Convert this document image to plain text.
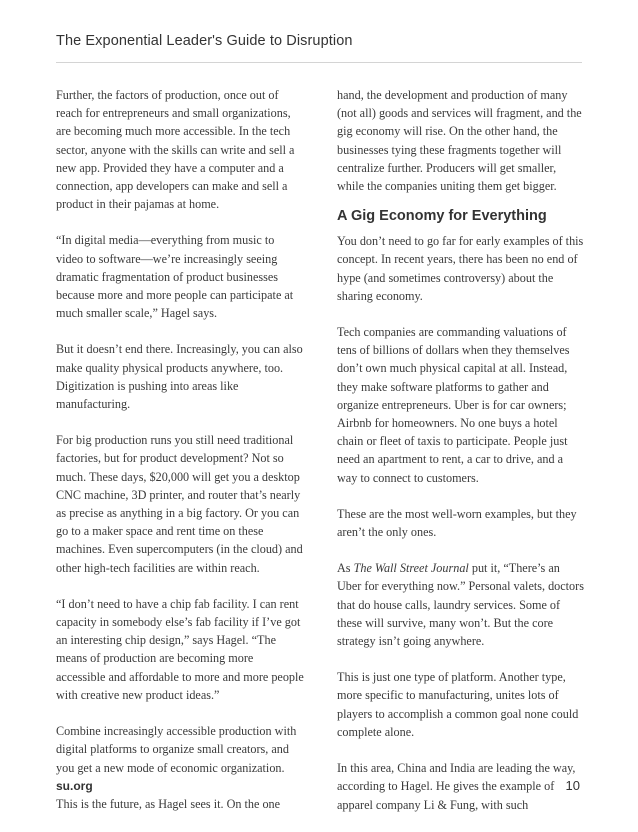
The Exponential Leader's Guide to Disruption

Further, the factors of production, once out of reach for entrepreneurs and small organizations, are becoming much more accessible. In the tech sector, anyone with the skills can write and sell a new app. Provided they have a computer and a connection, app developers can make and sell a product in their pajamas at home.

“In digital media—everything from music to video to software—we’re increasingly seeing dramatic fragmentation of product businesses because more and more people can participate at much smaller scale,” Hagel says.

But it doesn’t end there. Increasingly, you can also make quality physical products anywhere, too. Digitization is pushing into areas like manufacturing.

For big production runs you still need traditional factories, but for product development? Not so much. These days, $20,000 will get you a desktop CNC machine, 3D printer, and router that’s nearly as precise as anything in a big factory. Or you can go to a maker space and rent time on these machines. Even supercomputers (in the cloud) and other high-tech facilities are within reach.

“I don’t need to have a chip fab facility. I can rent capacity in somebody else’s fab facility if I’ve got an interesting chip design,” says Hagel. “The means of production are becoming more accessible and affordable to more and more people with creative new product ideas.”

Combine increasingly accessible production with digital platforms to organize small creators, and you get a new mode of economic organization.

This is the future, as Hagel sees it. On the one

hand, the development and production of many (not all) goods and services will fragment, and the gig economy will rise. On the other hand, the businesses tying these fragments together will centralize further. Producers will get smaller, while the companies uniting them get bigger.

A Gig Economy for Everything

You don’t need to go far for early examples of this concept. In recent years, there has been no end of hype (and sometimes controversy) about the sharing economy.

Tech companies are commanding valuations of tens of billions of dollars when they themselves don’t own much physical capital at all. Instead, they make software platforms to gather and organize entrepreneurs. Uber is for car owners; Airbnb for homeowners. No one buys a hotel chain or fleet of taxis to participate. People just need an apartment to rent, a car to drive, and a way to connect to customers.

These are the most well-worn examples, but they aren’t the only ones.

As The Wall Street Journal put it, “There’s an Uber for everything now.” Personal valets, doctors that do house calls, laundry services. Some of these will survive, many won’t. But the core strategy isn’t going anywhere.

This is just one type of platform. Another type, more specific to manufacturing, unites lots of players to accomplish a common goal none could complete alone.

In this area, China and India are leading the way, according to Hagel. He gives the example of apparel company Li & Fung, with such

su.org	10
